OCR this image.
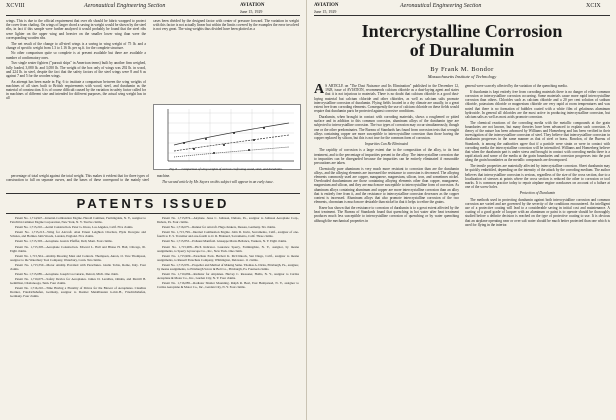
XCVIII	Aeronautical Engineering Section	AVIATION
June 15, 1929

wings. This is due to the official requirement that over rib should be fabric wrapped to protect the cover from chafing. On wings of larger chord a saving in weight would be shown by the steel ribs, in fact if this sample were further analyzed it would probably be found that the steel ribs were lighter on the upper wing and heavier on the smaller lower wing than were the corresponding wooden ribs.

The net result of the change to all-steel wings is a saving in wing weight of 75 lb. and a change of specific weight from 1.3 to 1.16 lb. per sq.ft. for the complete structure.

No other comparison quite so complete is at present available but there are available a number of confirmatory ones.

Two single seater fighters ("pursuit ships" in American terms) built by another firm weighed, fully loaded, 3,080 lb. and 3,050 lb. The weight of the box only of wings was 292 lb. in wood, and 224 lb. in steel, despite the fact that the safety factors of the steel wings were 8 and 6 as against 7 and 5 for the wooden wings.

An attempt has been made in Fig. 6 to institute a comparison between the wing weights of machines of all sizes built to British requirements with wood, steel, and duralumin as the material of construction. It is of course difficult caused by the variation in safety factor called for in machines of different size and intended for different purposes, the actual wing weight has in all

cases been divided by the designed factor with center of pressure forward. The variation in weight with this factor is not actually linear but within the limits covered by the examples the error involved is not very great. The wing weights thus divided have been plotted as a

Fig. 6 — Comparison of wing weights of various craft using wood, steel, and duralumin.

percentage of total weight against the total weight. This makes it evident that for three types of construction to fall on separate curves, and the bases of these correspond to the mainly steel machine.

The second article by Mr. Sayers on this subject will appear in an early issue.

PATENTS ISSUED

Patent No. 1,714,947—Internal-Combustion Engine. Harold Caminez, Farmingdale, N. Y., assignor to Fairchild-Caminez Engine Corporation, New York, N. Y. Twelve claims.

Patent No. 1,715,210—Aerial Construction. Peter G. Kloss, Los Angeles, Calif. Five claims.

Patent No. 1,715,213—Wing for Aircraft. Alan Ernest Leighton Chorlton, Hyde Dowgate and Scholes, and Holmes John Woods, London, England. Five claims.

Patent No. 1,715,303—Aeroplane. Gustav Pfeiffer, Dell, Mont. Four claims.

Patent No. 1,715,305—Aeroplane Construction. Edward L. Hall and Blaise H. Hall, Chicago, Ill. Eight claims.

Patent No. 1,715,504—Airship Mooring Mast and Controls. Thompson, Akron, O. Vere Thompson, assignor to the Waterbury Tool Company, Waterbury, Conn. Ten claims.

Patent No. 1,715,550—Motor Airship Provided with Parachutes. Giulio Tobia, Rome, Italy. Four claims.

Patent No. 1,715,685—Aeroplane. Joseph Coccanario, Detroit, Mich. One claim.

Patent No. 1,716,075—Safety Device for Aeroplanes. James D. Lerailles, Omaha, and Merrill B. Gemillion, Chattanooga, Tenn. Four claims.

Patent No. 1,716,210—Time Having a Plurality of Drives for the Blower of Aeroplanes. Claudius Dornier, Friedrichshafen, Germany, assignor to Dornier Metallbauten G.m.b.H., Friedrichshafen, Germany. Four claims.

Patent No. 1,715,874—Airplane. Jesse C. Johnson, Dubois, Pa., assignor to Johnson Aeroplane Corp., Dubois, Pa. Four claims.

Patent No. 1,716,675—Runner for Aircraft. Hugo Junkers, Dessau, Germany. Six claims.

Patent No. 1,715,799—Internal Combustion Engine. John D. Irwin, Sacramento, Calif., assignor of one-fourth to E. S. Trotzmer and one-fourth to O. R. Brainerd, Sacramento, Calif. Three claims.

Patent No. 1,715,853—Exhaust Manifold. Giuseppe Mario Bellanca, Yonkers, N. Y. Eight claims.

Patent No. 1,715,908—Pitch Indicator. Laurence Sperry, Farmingdale, N. Y., assignor, by mesne assignments, to Sperry Gyroscope Co., Inc., New York. One claim.

Patent No. 1,715,909—Parachute Pack. Herbert K. McClintock, San Diego, Calif., assignor to mesne assignments, to Russell Parachute Company, Wilmington, Delaware. 11 claims.

Patent No. 1,715,976—Propeller and Method of Making Same. Thomas A. Dicks, Pittsburgh, Pa., assignor, by mesne assignments, to Pittsburgh Screw & Bolt Co., Pittsburgh, Pa. Fourteen claims.

Patent No. 1,716,084—Radiator for Airplanes. Harvey C. Reasoner, Hollis, N. Y., assignor to Curtiss Aeroplane & Motor Co., Inc., Garden City, N. Y. Four claims.

Patent No. 1,716,085—Radiator Shutter Mounting. Ralph R. Beal, East Hempstead, N. Y., assignor to Curtiss Aeroplane & Motor Co., Inc., Garden City, N. Y. Four claims.

AVIATION
June 15, 1929
Aeronautical Engineering Section	XCIX
Intercrystalline Corrosion
of Duralumin
By Frank M. Bondor
Massachusetts Institute of Technology

A S ARTICLE on "The Dust Nuisance and Its Elimination" published in the December 12, 1928, issue of AVIATION, recommends calcium chloride as a dust-laying agent and states that it is not injurious to materials. There is no doubt that calcium chloride is a good dust-laying material but calcium chloride and other chlorides, as well as calcium salts promote intercrystalline corrosion of duralumin. Flying fields located in a dry climate are usually, in a great extent free from corroding elements. Consequently the use of calcium chloride on these fields would require that duralumin parts be protected against corrosive conditions.

Duralumin, when brought in contact with corroding materials, shows a roughened or pitted surface and in addition to this common corrosion, aluminum alloys of the duralumin type are subjected to intercrystalline corrosion. The two types of corrosion may occur simultaneously, though one or the other predominates. The Bureau of Standards has found from corrosion tests that wrought alloys containing copper are more susceptible to intercrystalline corrosion than those having the copper replaced by silicon, but this is not true for the common form of corrosion.

Impurities Can Be Eliminated

The rapidity of corrosion is a large extent due to the composition of the alloy, to its heat treatment, and to the percentage of impurities present in the alloy. The intercrystalline corrosion due to impurities can be disregarded because the impurities can be entirely eliminated if reasonable precautions are taken.

Chemically pure aluminum is very much more resistant to corrosion than are the duralumin alloys, and the alloying elements are increased the resistance to corrosion is decreased. The alloying elements commonly used are copper, manganese, magnesium, silicon, iron, and sometimes nickel. Overloaded duraluminum are those containing alloying elements other than copper, manganese, magnesium and silicon, and they are much more susceptible to intercrystalline form of corrosion. As aluminum alloys containing aluminum and copper are more intercrystalline corrosion than an alloy that is entirely free from it, and the resistance to intercrystalline corrosion decreases as the copper content is increased. Aluminum alloys that also promote intercrystalline corrosion of the two elements, chromium is much more desirable than nickel in that it helps to refine the grains.

Knerr has shown that the resistance to corrosion of duralumin is to a great extent affected by the heat treatment. The Bureau of Standards found that quenching in hot water after heat treatment produces much less susceptible to intercrystalline corrosion of quenching or by water quenching although the mechanical properties in

general were scarcely affected by the variation of the quenching media.

If duralumin is kept entirely free from corroding materials there is no danger of either common corrosion or intercrystalline corrosion occurring. Some materials cause more rapid intercrystalline corrosion than others. Chlorides such as calcium chloride and a 20 per cent solution of sodium chloride, potassium chloride or magnesium chloride are very rapid at room temperatures and was noted that there is no formation of bubbles coated with a white film of gelatinous aluminum hydroxide. In general all chlorides are the most active in producing intercrystalline corrosion, but calcium salts as well as most acids promote corrosion.

The chemical reactions of the corroding media with the metallic compounds at the grain boundaries are not known, but many theories have been advanced to explain such corrosion. A theory of the nature has been advanced by Williams and Homerberg and has been verified in their investigation of the intercrystalline corrosion of steel. They believe that intercrystalline corrosion in duralumin progresses in the same manner as that of steel or brass. Rawdon, of the Bureau of Standards, is among the authorities agree that if a particle were strain or were in contact with corroding media the intercrystalline corrosion will be intensified. Williams and Homerberg believe that when the duralumin part is under stress and brought in contact with corroding media there is a rapid attack and some of the media at the grain boundaries and corrosion progresses into the part along the grain boundaries as the metallic compounds are decomposed.

The tensile properties are materially affected by intercrystalline corrosion. Sheet duralumin may be quickly embrittled, depending on the intensity of the attack by the corroding medium. The author believes that intercrystalline corrosion is serious, regardless of the size of the cross section, due to a localization of stresses at points where the cross section is reduced the other to corrosion or tool marks. It is common practice today to repair airplane engine crankcases on account of a failure at one of the screw holes.

Protection of Duralumin

The methods used in protecting duralumin against both intercrystalline corrosion and common corrosion are varied and are governed by the severity of the conditions encountered. An intelligent use of a protective coating will lead to a considerable saving in initial cost and maintenance. A coating of a good grade of lacquer with an aluminum or paint is to operate should be thoroughly studied before a definite decision is reached on the type of protective coating to use. It is obvious that an airplane operating near or over salt water should be much better protected than one which is used for flying in the interior.
